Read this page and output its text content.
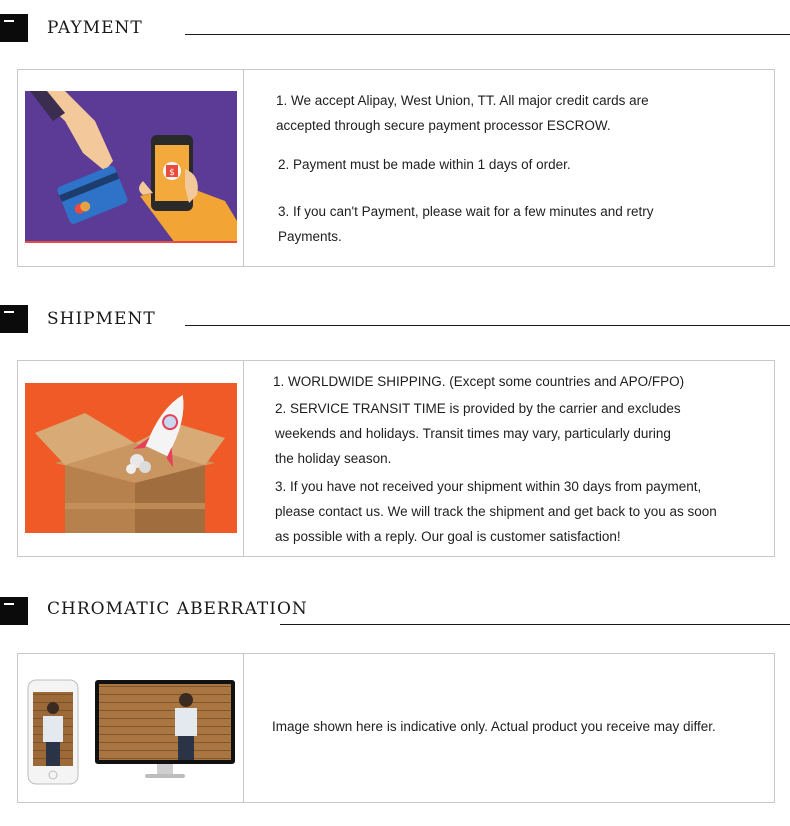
PAYMENT
$
1. We accept Alipay, West Union, TT. All major credit cards are
accepted through secure payment processor ESCROW.
2. Payment must be made within 1 days of order.
3. If you can't Payment, please wait for a few minutes and retry
Payments.
SHIPMENT
1. WORLDWIDE SHIPPING. (Except some countries and APO/FPO)
2. SERVICE TRANSIT TIME is provided by the carrier and excludes
weekends and holidays. Transit times may vary, particularly during
the holiday season.
3. If you have not received your shipment within 30 days from payment,
please contact us. We will track the shipment and get back to you as soon
as possible with a reply. Our goal is customer satisfaction!
CHROMATIC ABERRATION
Image shown here is indicative only. Actual product you receive may differ.
